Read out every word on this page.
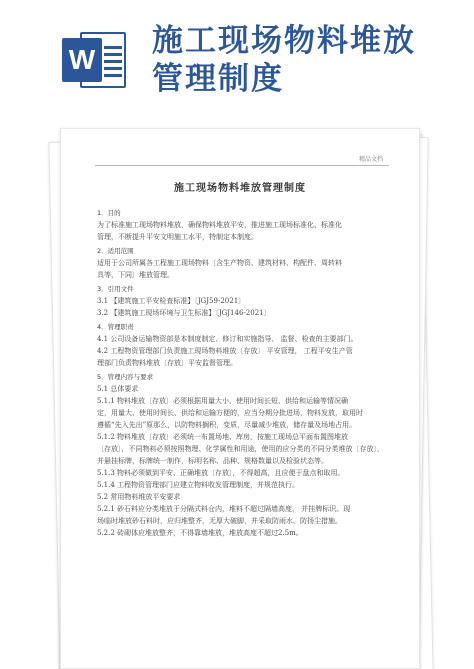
W
施工现场物料堆放
管理制度
精品文档
施工现场物料堆放管理制度

1．目的

为了标准施工现场物料堆放，确保物料堆放平安，推进施工现场标准化、标准化

管理，不断提升平安文明施工水平，特制定本制度。

2．适用范围

适用于公司所属各工程施工现场物料〔含生产物资、建筑材料、构配件、周转料

具等，下同〕堆放管理。

3．引用文件

3.1 【建筑施工平安检查标准】〔JGJ59-2021〕

3.2 【建筑施工现场环境与卫生标准】〔JGJ146-2021〕

4．管理职责

4.1 公司设备运输物资部是本制度制定、修订和实施指导、 监督、检查的主要部门。

4.2 工程物资管理部门负责施工现场物料堆放〔存放〕 平安管理， 工程平安生产管

理部门负责物料堆放〔存放〕平安监督管理。

5．管理内容与要求

5.1 总体要求

5.1.1 物料堆放〔存放〕必须根据用量大小、使用时间长短、供给和运输等情况确

定，用量大、使用时间长、供给和运输方便的，应当分期分批进场，物料发放，取用时

遵循“先入先出”原那么，以防物料搁积，变质，尽量减少堆放，储存量及场地占用。

5.1.2 物料堆放〔存放〕必须统一布置场地、库房，按施工现场总平面布置图堆放

〔存放〕，不同物料必须按照物理、化学属性和用途，使用的应分类的不同分类堆放〔存放〕，

并悬挂标牌，标牌统一制作，标明名称、品种、规格数量以及检验状态等。

5.1.3 物料必须做到平安、正确堆放〔存放〕，不得超高，且应便于盘点和取用。

5.1.4 工程物资管理部门应建立物料收发管理制度，并规范执行。

5.2 常用物料堆放平安要求

5.2.1 砂石料应分类堆放于分隔式料仓内，堆料不超过隔墙高度， 并挂牌标识。现

场临时堆放砂石料时，应归堆整齐，无厚大破脚，并采取防雨水、防扬尘措施。

5.2.2 砖砌体应堆放整齐，不得靠墙堆放，堆放高度不超过2.5m。
